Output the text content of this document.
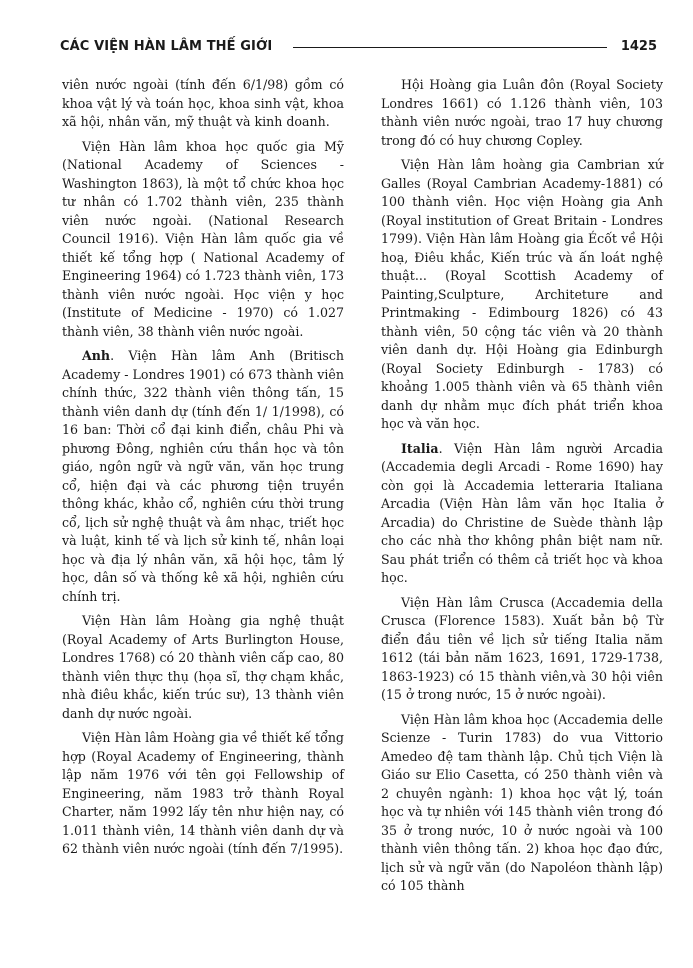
CÁC VIỆN HÀN LÂM THẾ GIỚI	1425

viên nước ngoài (tính đến 6/1/98) gồm có khoa vật lý và toán học, khoa sinh vật, khoa xã hội, nhân văn, mỹ thuật và kinh doanh.

Viện Hàn lâm khoa học quốc gia Mỹ (National Academy of Sciences - Washington 1863), là một tổ chức khoa học tư nhân có 1.702 thành viên, 235 thành viên nước ngoài. (National Research Council 1916). Viện Hàn lâm quốc gia về thiết kế tổng hợp ( National Academy of Engineering 1964) có 1.723 thành viên, 173 thành viên nước ngoài. Học viện y học (Institute of Medicine - 1970) có 1.027 thành viên, 38 thành viên nước ngoài.

Anh. Viện Hàn lâm Anh (Britisch Academy - Londres 1901) có 673 thành viên chính thức, 322 thành viên thông tấn, 15 thành viên danh dự (tính đến 1/ 1/1998), có 16 ban: Thời cổ đại kinh điển, châu Phi và phương Đông, nghiên cứu thần học và tôn giáo, ngôn ngữ và ngữ văn, văn học trung cổ, hiện đại và các phương tiện truyền thông khác, khảo cổ, nghiên cứu thời trung cổ, lịch sử nghệ thuật và âm nhạc, triết học và luật, kinh tế và lịch sử kinh tế, nhân loại học và địa lý nhân văn, xã hội học, tâm lý học, dân số và thống kê xã hội, nghiên cứu chính trị.

Viện Hàn lâm Hoàng gia nghệ thuật (Royal Academy of Arts Burlington House, Londres 1768) có 20 thành viên cấp cao, 80 thành viên thực thụ (họa sĩ, thợ chạm khắc, nhà điêu khắc, kiến trúc sư), 13 thành viên danh dự nước ngoài.

Viện Hàn lâm Hoàng gia về thiết kế tổng hợp (Royal Academy of Engineering, thành lập năm 1976 với tên gọi Fellowship of Engineering, năm 1983 trở thành Royal Charter, năm 1992 lấy tên như hiện nay, có 1.011 thành viên, 14 thành viên danh dự và 62 thành viên nước ngoài (tính đến 7/1995).

Hội Hoàng gia Luân đôn (Royal Society Londres 1661) có 1.126 thành viên, 103 thành viên nước ngoài, trao 17 huy chương trong đó có huy chương Copley.

Viện Hàn lâm hoàng gia Cambrian xứ Galles (Royal Cambrian Academy-1881) có 100 thành viên. Học viện Hoàng gia Anh (Royal institution of Great Britain - Londres 1799). Viện Hàn lâm Hoàng gia Écốt về Hội hoạ, Điêu khắc, Kiến trúc và ấn loát nghệ thuật... (Royal Scottish Academy of Painting,Sculpture, Architeture and Printmaking - Edimbourg 1826) có 43 thành viên, 50 cộng tác viên và 20 thành viên danh dự. Hội Hoàng gia Edinburgh (Royal Society Edinburgh - 1783) có khoảng 1.005 thành viên và 65 thành viên danh dự nhằm mục đích phát triển khoa học và văn học.

Italia. Viện Hàn lâm người Arcadia (Accademia degli Arcadi - Rome 1690) hay còn gọi là Accademia letteraria Italiana Arcadia (Viện Hàn lâm văn học Italia ở Arcadia) do Christine de Suède thành lập cho các nhà thơ không phân biệt nam nữ. Sau phát triển có thêm cả triết học và khoa học.

Viện Hàn lâm Crusca (Accademia della Crusca (Florence 1583). Xuất bản bộ Từ điển đầu tiên về lịch sử tiếng Italia năm 1612 (tái bản năm 1623, 1691, 1729-1738, 1863-1923) có 15 thành viên,và 30 hội viên (15 ở trong nước, 15 ở nước ngoài).

Viện Hàn lâm khoa học (Accademia delle Scienze - Turin 1783) do vua Vittorio Amedeo đệ tam thành lập. Chủ tịch Viện là Giáo sư Elio Casetta, có 250 thành viên và 2 chuyên ngành: 1) khoa học vật lý, toán học và tự nhiên với 145 thành viên trong đó 35 ở trong nước, 10 ở nước ngoài và 100 thành viên thông tấn. 2) khoa học đạo đức, lịch sử và ngữ văn (do Napoléon thành lập) có 105 thành
